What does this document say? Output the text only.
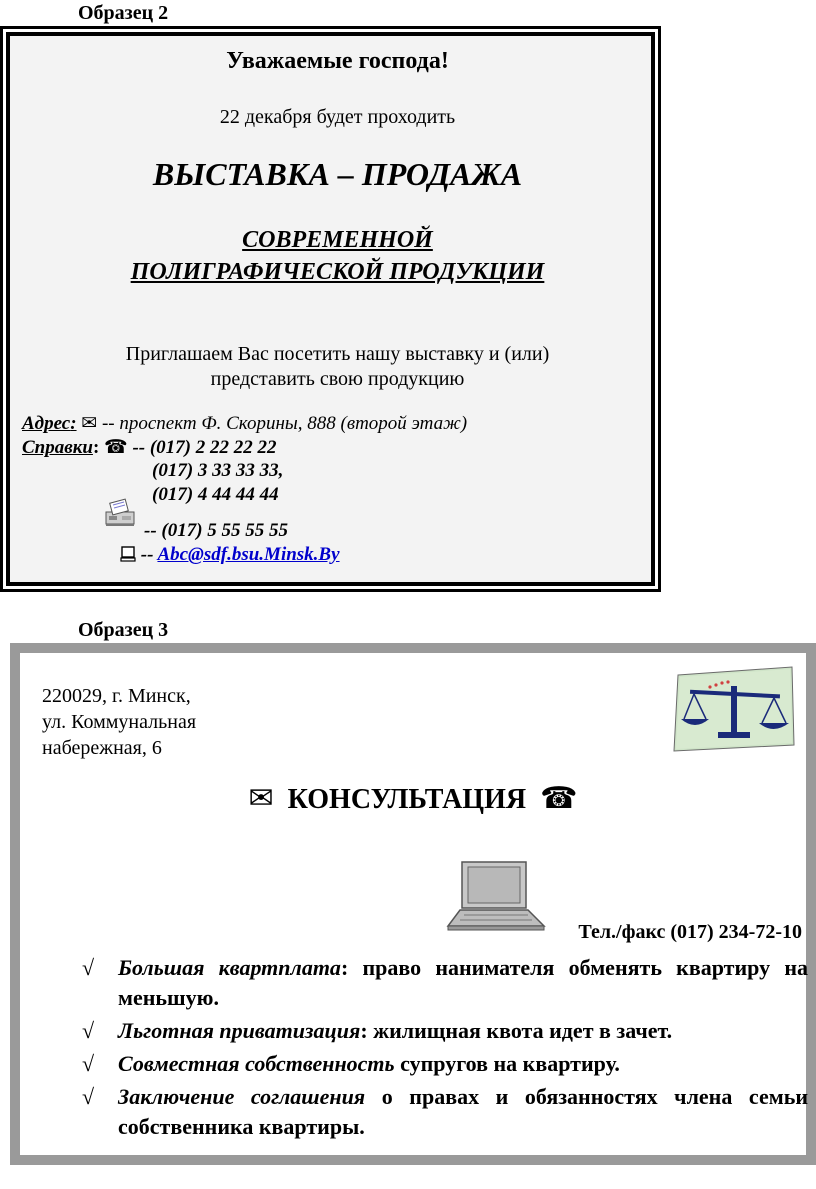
Образец 2
Уважаемые господа!
22 декабря будет проходить
ВЫСТАВКА – ПРОДАЖА
СОВРЕМЕННОЙ
ПОЛИГРАФИЧЕСКОЙ ПРОДУКЦИИ
Приглашаем Вас посетить нашу выставку и (или)
представить свою продукцию
Адрес: ✉ -- проспект Ф. Скорины, 888 (второй этаж)
Справки: ☎ -- (017) 2 22 22 22
(017) 3 33 33 33,
(017) 4 44 44 44
-- (017) 5 55 55 55
-- Abc@sdf.bsu.Minsk.By
Образец 3
220029, г. Минск,
ул. Коммунальная
набережная, 6
✉ КОНСУЛЬТАЦИЯ ☎
Тел./факс (017) 234-72-10
√ Большая квартплата: право нанимателя обменять квартиру на меньшую.
√ Льготная приватизация: жилищная квота идет в зачет.
√ Совместная собственность супругов на квартиру.
√ Заключение соглашения о правах и обязанностях члена семьи собственника квартиры.
